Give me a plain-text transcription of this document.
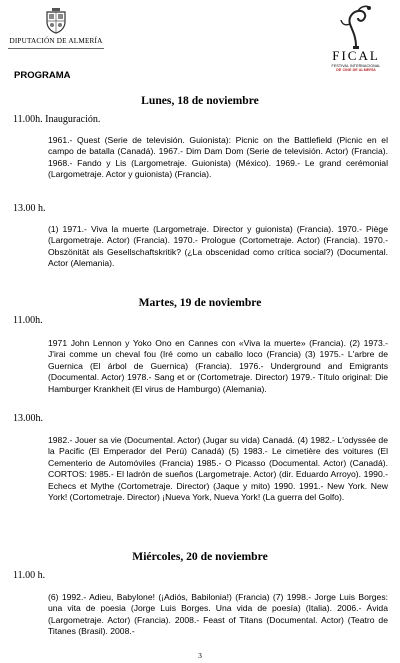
DIPUTACIÓN DE ALMERÍA
FICAL
FESTIVAL INTERNACIONAL
DE CINE DE ALMERÍA
PROGRAMA
Lunes, 18 de noviembre
11.00h. Inauguración.
1961.- Quest (Serie de televisión. Guionista): Picnic on the Battlefield (Picnic en el campo de batalla (Canadá). 1967.- Dim Dam Dom (Serie de televisión. Actor) (Francia). 1968.- Fando y Lis (Largometraje. Guionista) (México). 1969.- Le grand cerémonial (Largometraje. Actor y guionista) (Francia).
13.00 h.
(1) 1971.- Viva la muerte (Largometraje. Director y guionista) (Francia). 1970.- Piège (Largometraje. Actor) (Francia). 1970.- Prologue (Cortometraje. Actor) (Francia). 1970.- Obszönität als Gesellschaftskritik? (¿La obscenidad como crítica social?) (Documental. Actor (Alemania).
Martes, 19 de noviembre
11.00h.
1971 John Lennon y Yoko Ono en Cannes con «Viva la muerte» (Francia). (2) 1973.- J'irai comme un cheval fou (Iré como un caballo loco (Francia) (3) 1975.- L'arbre de Guernica (El árbol de Guernica) (Francia). 1976.- Underground and Emigrants (Documental. Actor) 1978.- Sang et or (Cortometraje. Director) 1979.- Título original: Die Hamburger Krankheit (El virus de Hamburgo) (Alemania).
13.00h.
1982.- Jouer sa vie (Documental. Actor) (Jugar su vida) Canadá. (4) 1982.- L'odyssée de la Pacific (El Emperador del Perú) Canadá) (5) 1983.- Le cimetière des voitures (El Cementerio de Automóviles (Francia) 1985.- O Picasso (Documental. Actor) (Canadá). CORTOS: 1985.- El ladrón de sueños (Largometraje. Actor) (dir. Eduardo Arroyo). 1990.- Echecs et Mythe (Cortometraje. Director) (Jaque y mito) 1990. 1991.- New York. New York! (Cortometraje. Director) ¡Nueva York, Nueva York! (La guerra del Golfo).
Miércoles, 20 de noviembre
11.00 h.
(6) 1992.- Adieu, Babylone! (¡Adiós, Babilonia!) (Francia) (7) 1998.- Jorge Luis Borges: una vita de poesia (Jorge Luis Borges. Una vida de poesía) (Italia). 2006.- Ávida (Largometraje. Actor) (Francia). 2008.- Feast of Titans (Documental. Actor) (Teatro de Titanes (Brasil). 2008.-
3
